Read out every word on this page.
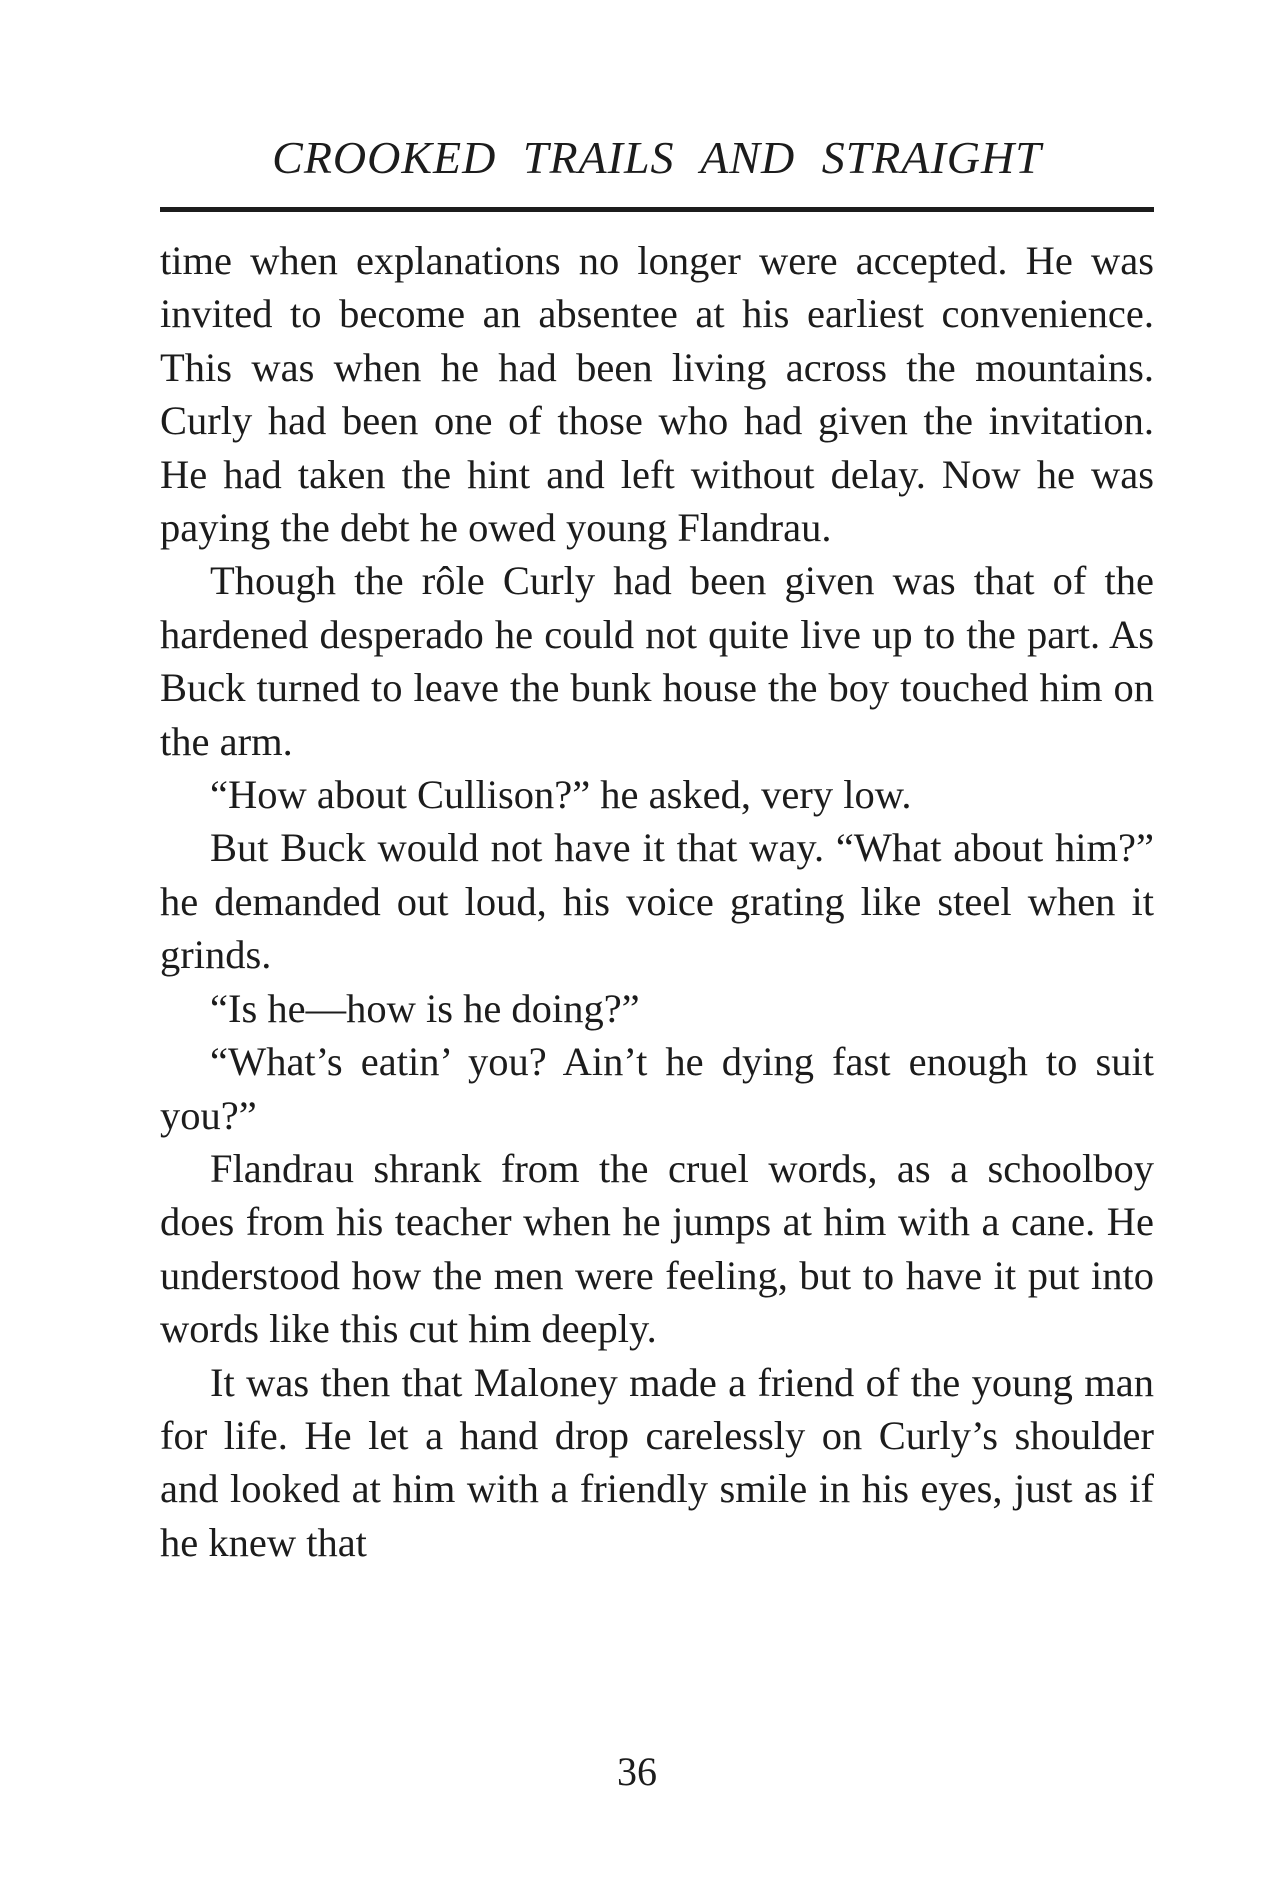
CROOKED TRAILS AND STRAIGHT

time when explanations no longer were accepted. He was invited to become an absentee at his earliest convenience. This was when he had been living across the mountains. Curly had been one of those who had given the invitation. He had taken the hint and left without delay. Now he was paying the debt he owed young Flandrau.

Though the rôle Curly had been given was that of the hardened desperado he could not quite live up to the part. As Buck turned to leave the bunk house the boy touched him on the arm.

“How about Cullison?” he asked, very low.

But Buck would not have it that way. “What about him?” he demanded out loud, his voice grating like steel when it grinds.

“Is he—how is he doing?”

“What’s eatin’ you? Ain’t he dying fast enough to suit you?”

Flandrau shrank from the cruel words, as a schoolboy does from his teacher when he jumps at him with a cane. He understood how the men were feeling, but to have it put into words like this cut him deeply.

It was then that Maloney made a friend of the young man for life. He let a hand drop carelessly on Curly’s shoulder and looked at him with a friendly smile in his eyes, just as if he knew that

36
